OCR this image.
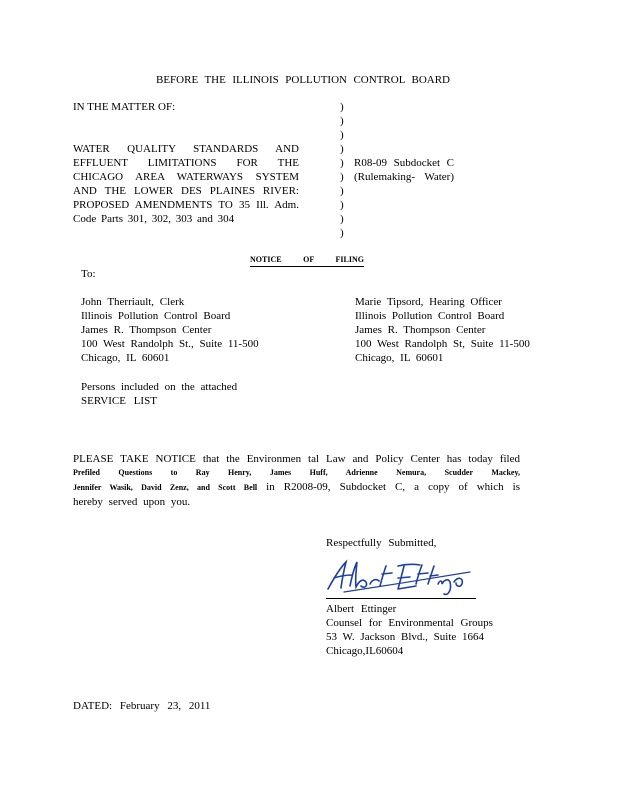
BEFORE THE ILLINOIS POLLUTION CONTROL BOARD
IN THE MATTER OF:	)
)
)
)
)
)
)
)
)
)
WATER QUALITY STANDARDS AND
EFFLUENT LIMITATIONS FOR THE
CHICAGO AREA WATERWAYS SYSTEM
AND THE LOWER DES PLAINES RIVER:
PROPOSED AMENDMENTS TO 35 Ill. Adm.
Code Parts 301, 302, 303 and 304
R08-09 Subdocket C
(Rulemaking- Water)
NOTICE OF FILING
To:
John Therriault, Clerk
Illinois Pollution Control Board
James R. Thompson Center
100 West Randolph St., Suite 11-500
Chicago, IL 60601
Marie Tipsord, Hearing Officer
Illinois Pollution Control Board
James R. Thompson Center
100 West Randolph St, Suite 11-500
Chicago, IL 60601
Persons included on the attached
SERVICE LIST
PLEASE TAKE NOTICE that the Environmen tal Law and Policy Center has today filed
Prefiled Questions to Ray Henry, James Huff, Adrienne Nemura, Scudder Mackey,
Jennifer Wasik, David Zenz, and Scott Bell in R2008-09, Subdocket C, a copy of which is
hereby served upon you.
Respectfully Submitted,
Albert Ettinger
Counsel for Environmental Groups
53 W. Jackson Blvd., Suite 1664
Chicago,IL60604
DATED: February 23, 2011
